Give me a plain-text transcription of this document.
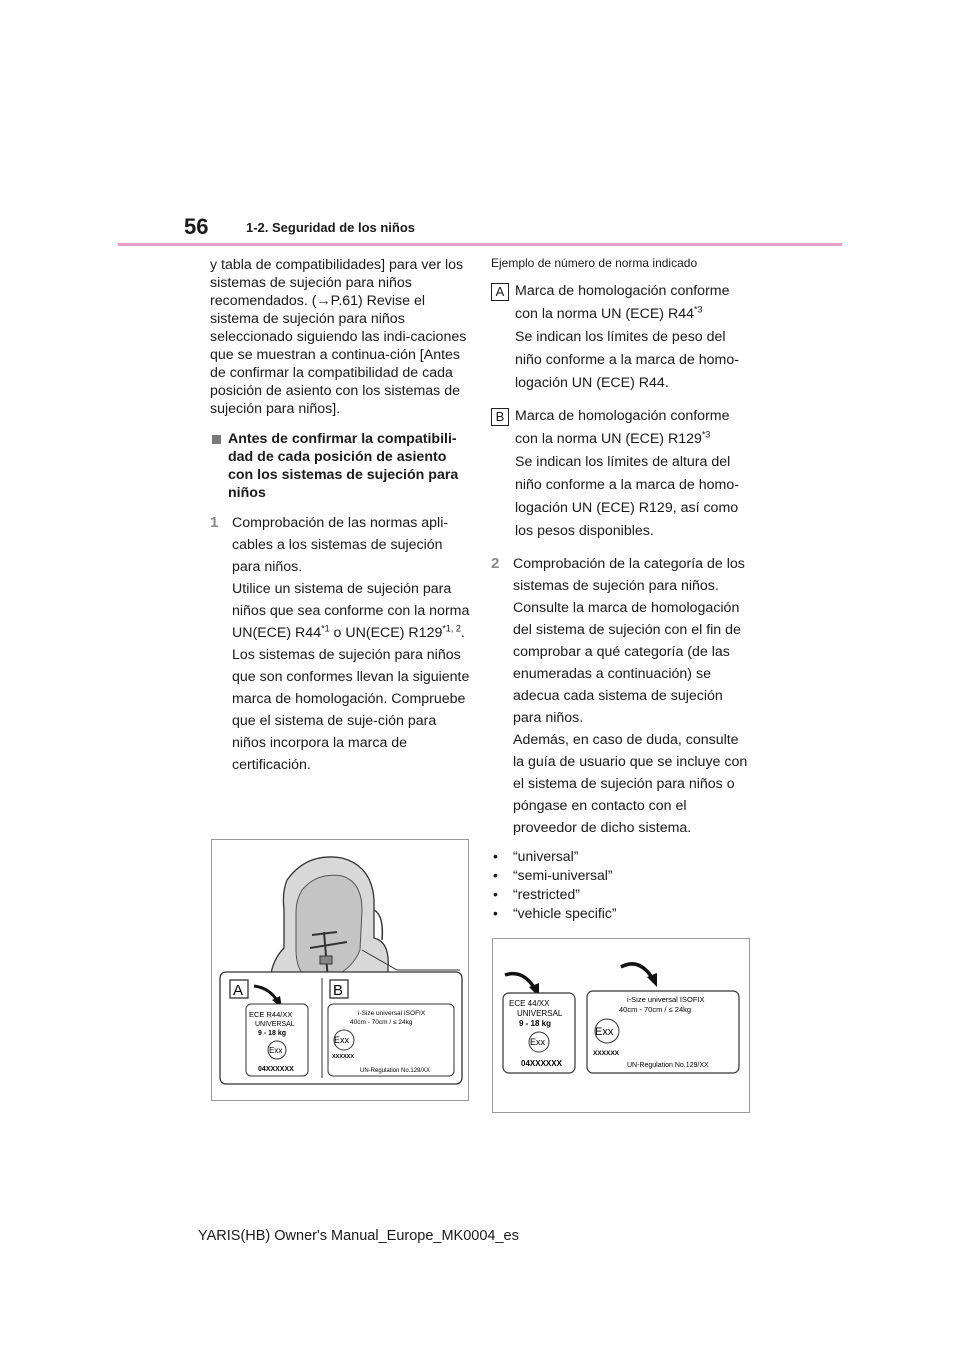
56	1-2. Seguridad de los niños

y tabla de compatibilidades] para ver los sistemas de sujeción para niños recomendados. (→P.61) Revise el sistema de sujeción para niños seleccionado siguiendo las indi-caciones que se muestran a continua-ción [Antes de confirmar la compatibilidad de cada posición de asiento con los sistemas de sujeción para niños].

Antes de confirmar la compatibili-dad de cada posición de asiento con los sistemas de sujeción para niños
1 Comprobación de las normas apli-cables a los sistemas de sujeción para niños.

Utilice un sistema de sujeción para niños que sea conforme con la norma UN(ECE) R44$^{*1}$ o UN(ECE) R129$^{*1, 2}$.

Los sistemas de sujeción para niños que son conformes llevan la siguiente marca de homologación. Compruebe que el sistema de suje-ción para niños incorpora la marca de certificación.

Ejemplo de número de norma indicado

A Marca de homologación conforme con la norma UN (ECE) R44$^{*3}$

Se indican los límites de peso del niño conforme a la marca de homo-logación UN (ECE) R44.

B Marca de homologación conforme con la norma UN (ECE) R129$^{*3}$

Se indican los límites de altura del niño conforme a la marca de homo-logación UN (ECE) R129, así como los pesos disponibles.

2 Comprobación de la categoría de los sistemas de sujeción para niños.

Consulte la marca de homologación del sistema de sujeción con el fin de comprobar a qué categoría (de las enumeradas a continuación) se adecua cada sistema de sujeción para niños.

Además, en caso de duda, consulte la guía de usuario que se incluye con el sistema de sujeción para niños o póngase en contacto con el proveedor de dicho sistema.

• “universal”
• “semi-universal”
• “restricted”
• “vehicle specific”
A	B
ECE R44/XX
UNIVERSAL
9 - 18 kg
Exx
04XXXXXX
i-Size universal ISOFIX
40cm - 70cm / ≤ 24kg
Exx
XXXXXX
UN-Regulation No.129/XX
ECE 44/XX
UNIVERSAL
9 - 18 kg
Exx
04XXXXXX
i-Size universal ISOFIX
40cm - 70cm / ≤ 24kg
Exx
XXXXXX
UN-Regulation No.129/XX
YARIS(HB) Owner's Manual_Europe_MK0004_es
